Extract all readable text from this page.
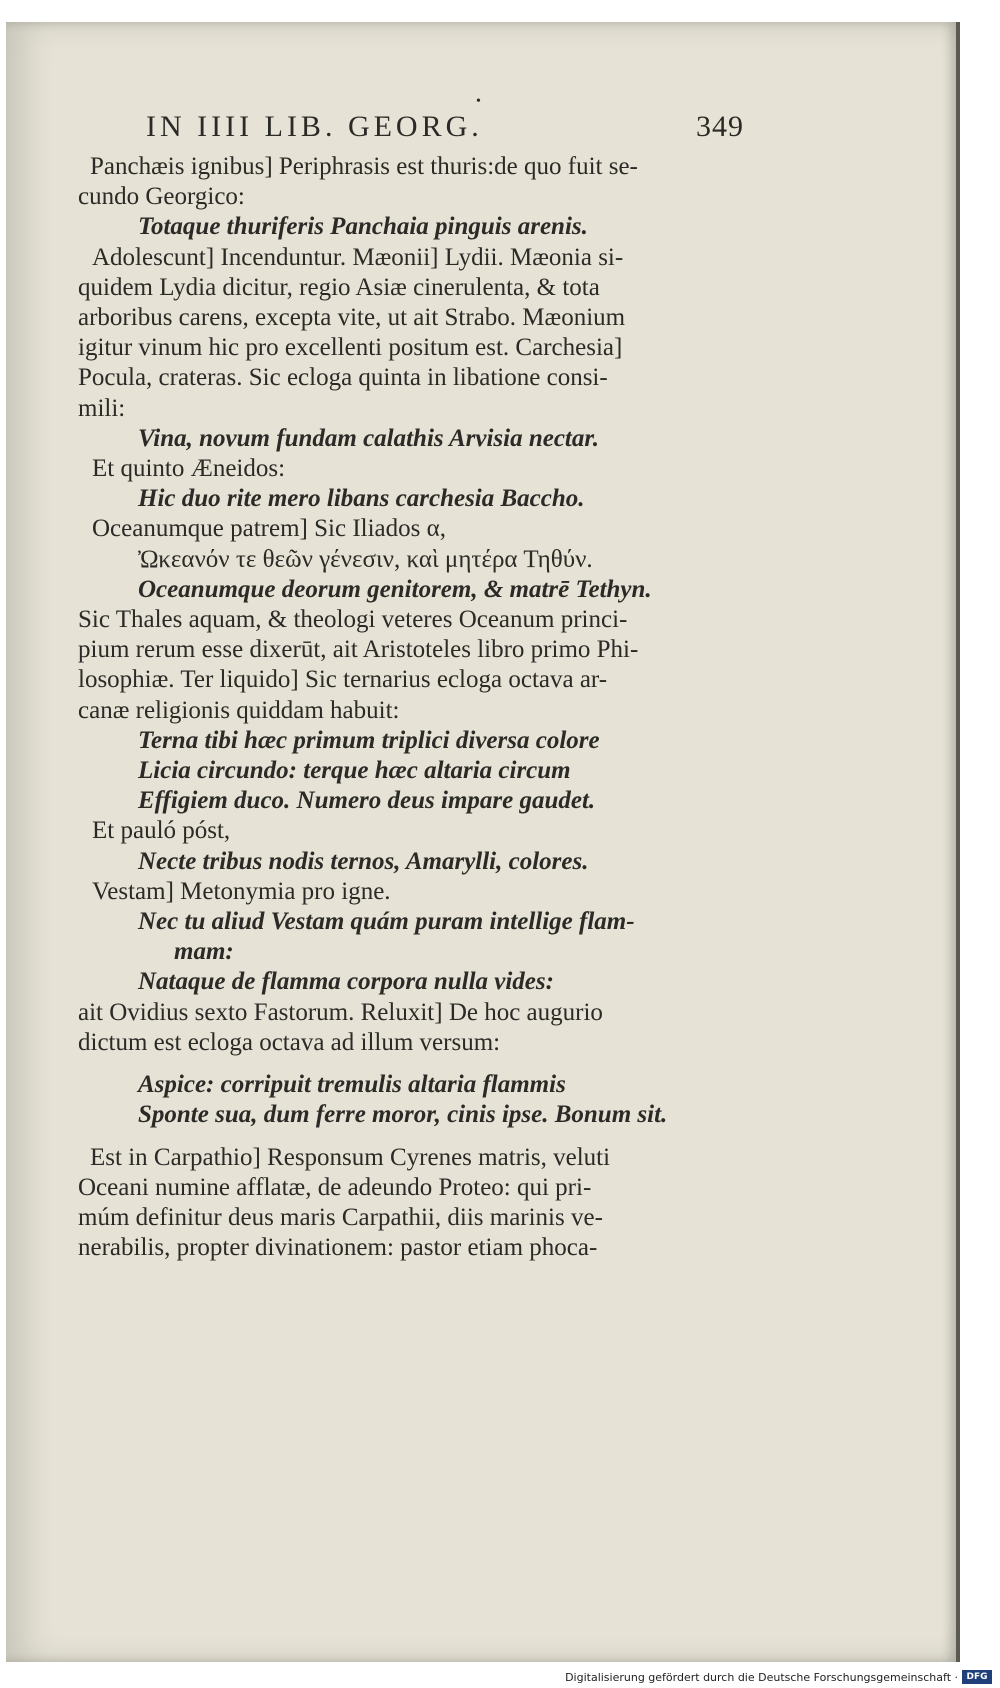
•
IN IIII LIB. GEORG.	349
Panchæis ignibus] Periphrasis est thuris:de quo fuit se-
cundo Georgico:
Totaque thuriferis Panchaia pinguis arenis.
Adolescunt] Incenduntur. Mæonii] Lydii. Mæonia si-
quidem Lydia dicitur, regio Asiæ cinerulenta, & tota
arboribus carens, excepta vite, ut ait Strabo. Mæonium
igitur vinum hic pro excellenti positum est. Carchesia]
Pocula, crateras. Sic ecloga quinta in libatione consi-
mili:
Vina, novum fundam calathis Arvisia nectar.
Et quinto Æneidos:
Hic duo rite mero libans carchesia Baccho.
Oceanumque patrem] Sic Iliados α,
Ὠκεανόν τε θεῶν γένεσιν, καὶ μητέρα Τηθύν.
Oceanumque deorum genitorem, & matrē Tethyn.
Sic Thales aquam, & theologi veteres Oceanum princi-
pium rerum esse dixerūt, ait Aristoteles libro primo Phi-
losophiæ. Ter liquido] Sic ternarius ecloga octava ar-
canæ religionis quiddam habuit:
Terna tibi hæc primum triplici diversa colore
Licia circundo: terque hæc altaria circum
Effigiem duco. Numero deus impare gaudet.
Et pauló póst,
Necte tribus nodis ternos, Amarylli, colores.
Vestam] Metonymia pro igne.
Nec tu aliud Vestam quám puram intellige flam-
mam:
Nataque de flamma corpora nulla vides:
ait Ovidius sexto Fastorum. Reluxit] De hoc augurio
dictum est ecloga octava ad illum versum:
Aspice: corripuit tremulis altaria flammis
Sponte sua, dum ferre moror, cinis ipse. Bonum sit.
Est in Carpathio] Responsum Cyrenes matris, veluti
Oceani numine afflatæ, de adeundo Proteo: qui pri-
múm definitur deus maris Carpathii, diis marinis ve-
nerabilis, propter divinationem: pastor etiam phoca-
Digitalisierung gefördert durch die Deutsche Forschungsgemeinschaft · DFG
